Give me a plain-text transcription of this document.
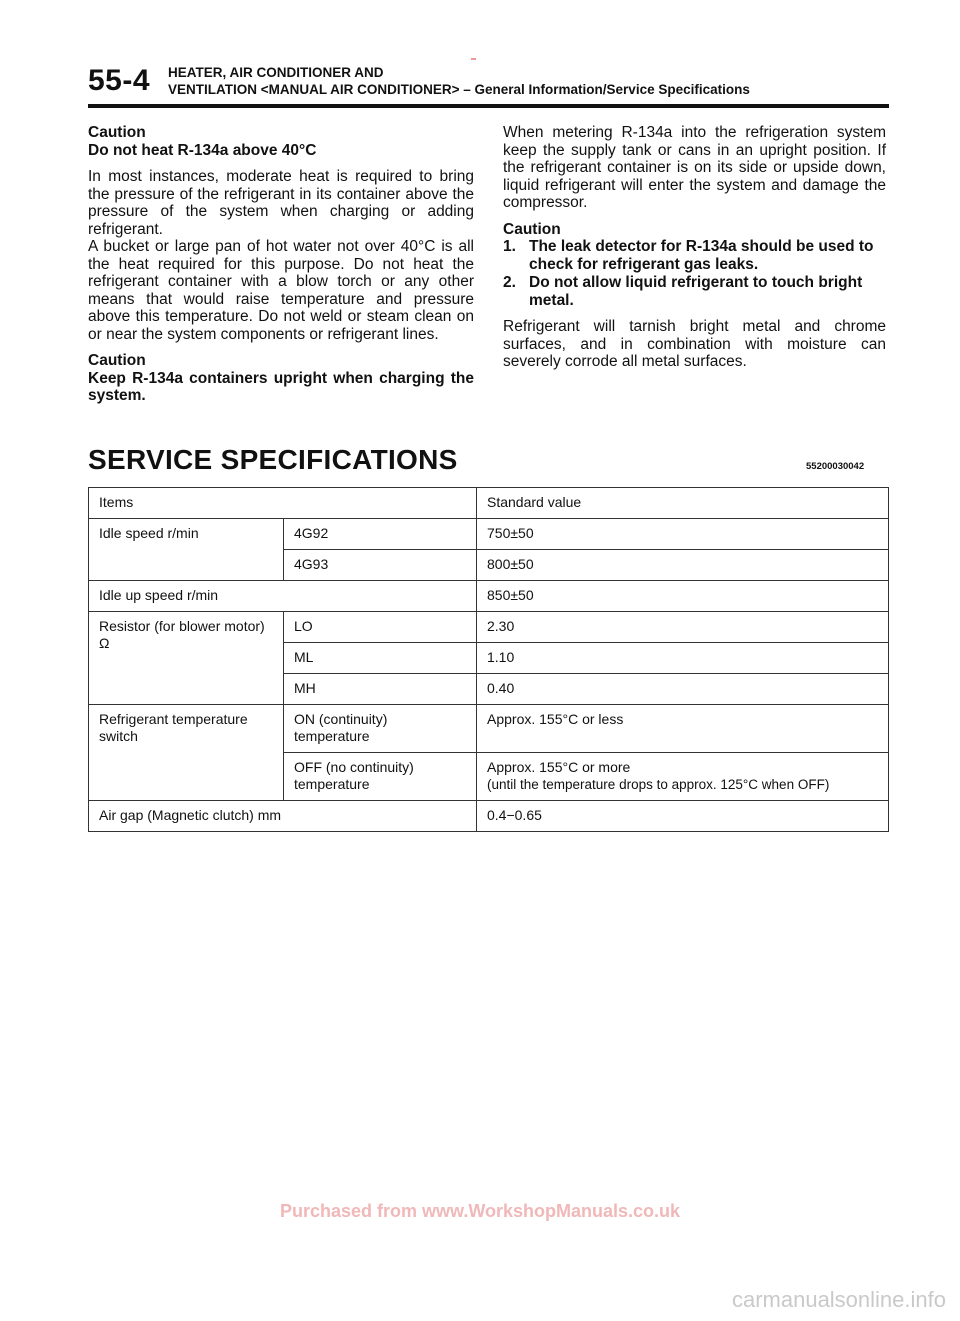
55-4 HEATER, AIR CONDITIONER AND
VENTILATION <MANUAL AIR CONDITIONER> – General Information/Service Specifications
Caution

Do not heat R-134a above 40°C

In most instances, moderate heat is required to bring the pressure of the refrigerant in its container above the pressure of the system when charging or adding refrigerant.

A bucket or large pan of hot water not over 40°C is all the heat required for this purpose. Do not heat the refrigerant container with a blow torch or any other means that would raise temperature and pressure above this temperature. Do not weld or steam clean on or near the system components or refrigerant lines.

Caution

Keep R-134a containers upright when charging the system.

When metering R-134a into the refrigeration system keep the supply tank or cans in an upright position. If the refrigerant container is on its side or upside down, liquid refrigerant will enter the system and damage the compressor.

Caution
1. The leak detector for R-134a should be used to check for refrigerant gas leaks.
2. Do not allow liquid refrigerant to touch bright metal.

Refrigerant will tarnish bright metal and chrome surfaces, and in combination with moisture can severely corrode all metal surfaces.

SERVICE SPECIFICATIONS	55200030042
Items		Standard value
Idle speed r/min	4G92	750±50
	4G93	800±50
Idle up speed r/min		850±50
Resistor (for blower motor) Ω	LO	2.30
	ML	1.10
	MH	0.40
Refrigerant temperature switch	ON (continuity) temperature	Approx. 155°C or less
	OFF (no continuity) temperature	Approx. 155°C or more
(until the temperature drops to approx. 125°C when OFF)

Air gap (Magnetic clutch) mm		0.4−0.65
Purchased from www.WorkshopManuals.co.uk
carmanualsonline.info
